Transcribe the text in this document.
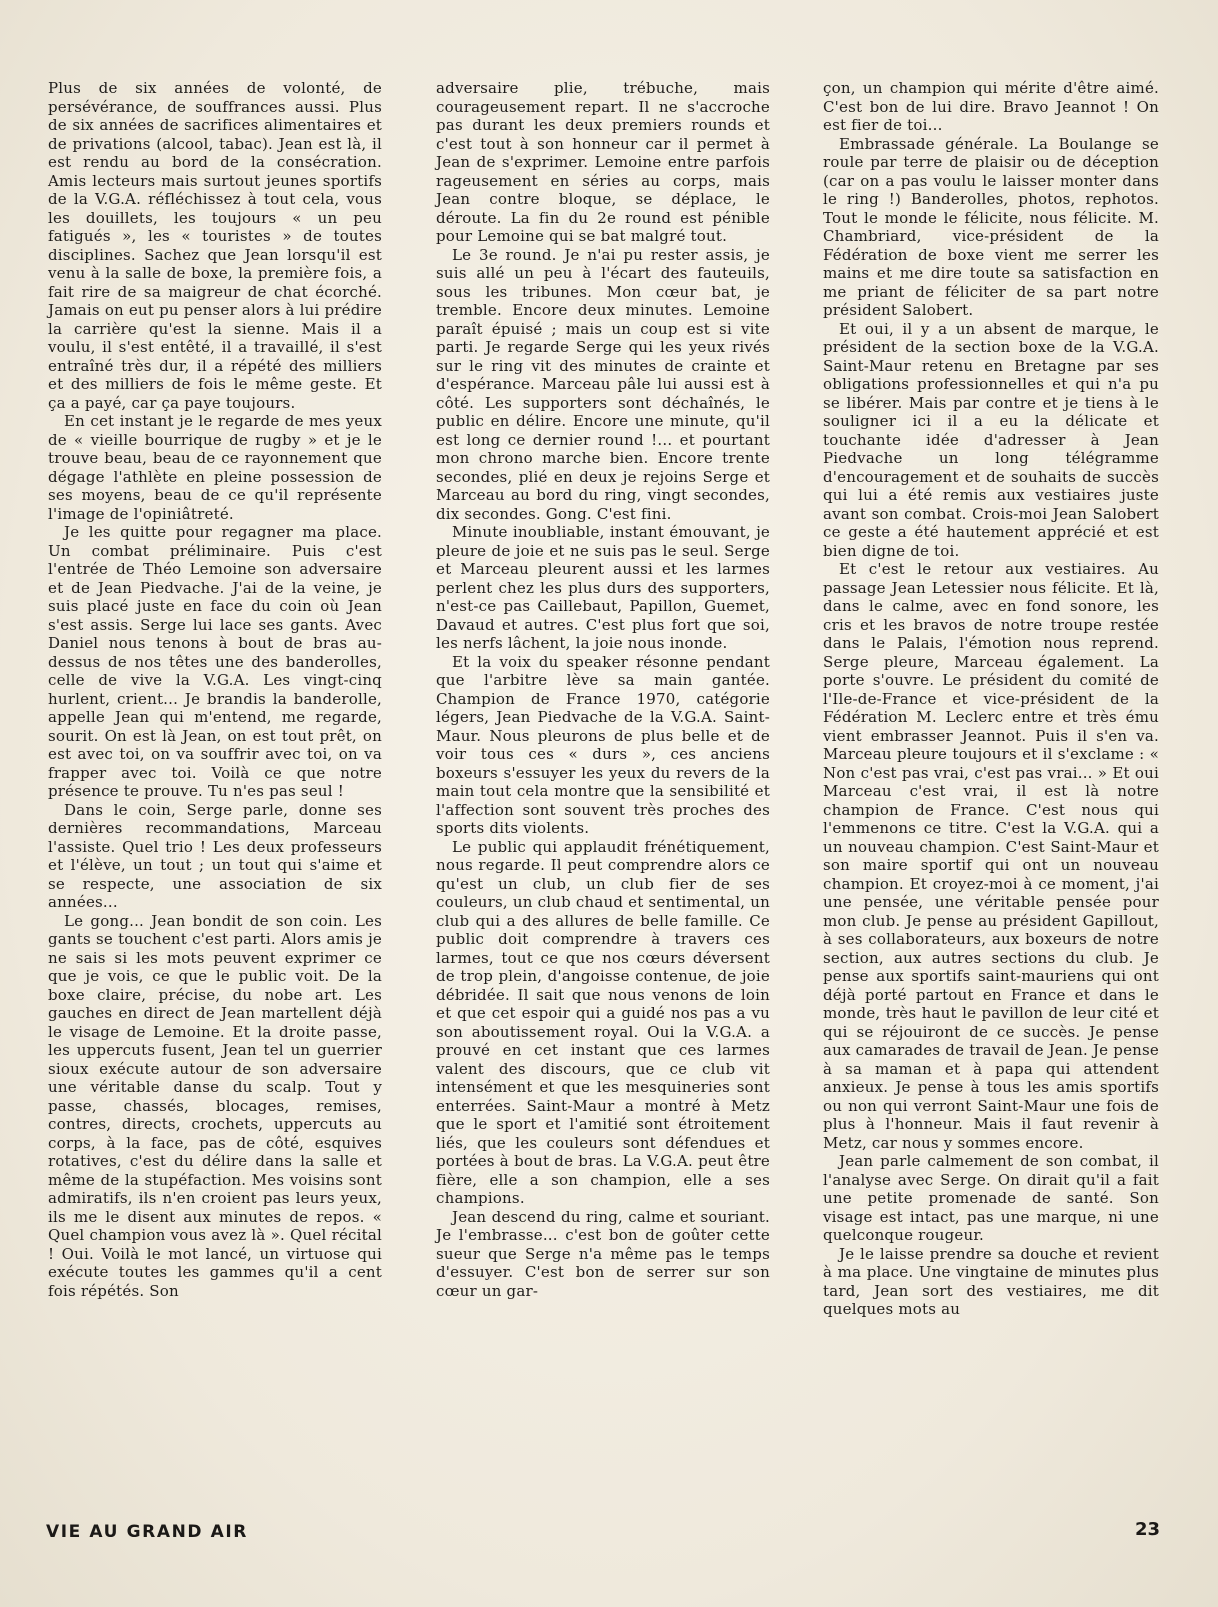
Plus de six années de volonté, de persévérance, de souffrances aussi. Plus de six années de sacrifices alimentaires et de privations (alcool, tabac). Jean est là, il est rendu au bord de la consécration. Amis lecteurs mais surtout jeunes sportifs de la V.G.A. réfléchissez à tout cela, vous les douillets, les toujours « un peu fatigués », les « touristes » de toutes disciplines. Sachez que Jean lorsqu'il est venu à la salle de boxe, la première fois, a fait rire de sa maigreur de chat écorché. Jamais on eut pu penser alors à lui prédire la carrière qu'est la sienne. Mais il a voulu, il s'est entêté, il a travaillé, il s'est entraîné très dur, il a répété des milliers et des milliers de fois le même geste. Et ça a payé, car ça paye toujours.

En cet instant je le regarde de mes yeux de « vieille bourrique de rugby » et je le trouve beau, beau de ce rayonnement que dégage l'athlète en pleine possession de ses moyens, beau de ce qu'il représente l'image de l'opiniâtreté.

Je les quitte pour regagner ma place. Un combat préliminaire. Puis c'est l'entrée de Théo Lemoine son adversaire et de Jean Piedvache. J'ai de la veine, je suis placé juste en face du coin où Jean s'est assis. Serge lui lace ses gants. Avec Daniel nous tenons à bout de bras au-dessus de nos têtes une des banderolles, celle de vive la V.G.A. Les vingt-cinq hurlent, crient... Je brandis la banderolle, appelle Jean qui m'entend, me regarde, sourit. On est là Jean, on est tout prêt, on est avec toi, on va souffrir avec toi, on va frapper avec toi. Voilà ce que notre présence te prouve. Tu n'es pas seul !

Dans le coin, Serge parle, donne ses dernières recommandations, Marceau l'assiste. Quel trio ! Les deux professeurs et l'élève, un tout ; un tout qui s'aime et se respecte, une association de six années...

Le gong... Jean bondit de son coin. Les gants se touchent c'est parti. Alors amis je ne sais si les mots peuvent exprimer ce que je vois, ce que le public voit. De la boxe claire, précise, du nobe art. Les gauches en direct de Jean martellent déjà le visage de Lemoine. Et la droite passe, les uppercuts fusent, Jean tel un guerrier sioux exécute autour de son adversaire une véritable danse du scalp. Tout y passe, chassés, blocages, remises, contres, directs, crochets, uppercuts au corps, à la face, pas de côté, esquives rotatives, c'est du délire dans la salle et même de la stupéfaction. Mes voisins sont admiratifs, ils n'en croient pas leurs yeux, ils me le disent aux minutes de repos. « Quel champion vous avez là ». Quel récital ! Oui. Voilà le mot lancé, un virtuose qui exécute toutes les gammes qu'il a cent fois répétés. Son

adversaire plie, trébuche, mais courageusement repart. Il ne s'accroche pas durant les deux premiers rounds et c'est tout à son honneur car il permet à Jean de s'exprimer. Lemoine entre parfois rageusement en séries au corps, mais Jean contre bloque, se déplace, le déroute. La fin du 2e round est pénible pour Lemoine qui se bat malgré tout.

Le 3e round. Je n'ai pu rester assis, je suis allé un peu à l'écart des fauteuils, sous les tribunes. Mon cœur bat, je tremble. Encore deux minutes. Lemoine paraît épuisé ; mais un coup est si vite parti. Je regarde Serge qui les yeux rivés sur le ring vit des minutes de crainte et d'espérance. Marceau pâle lui aussi est à côté. Les supporters sont déchaînés, le public en délire. Encore une minute, qu'il est long ce dernier round !... et pourtant mon chrono marche bien. Encore trente secondes, plié en deux je rejoins Serge et Marceau au bord du ring, vingt secondes, dix secondes. Gong. C'est fini.

Minute inoubliable, instant émouvant, je pleure de joie et ne suis pas le seul. Serge et Marceau pleurent aussi et les larmes perlent chez les plus durs des supporters, n'est-ce pas Caillebaut, Papillon, Guemet, Davaud et autres. C'est plus fort que soi, les nerfs lâchent, la joie nous inonde.

Et la voix du speaker résonne pendant que l'arbitre lève sa main gantée. Champion de France 1970, catégorie légers, Jean Piedvache de la V.G.A. Saint-Maur. Nous pleurons de plus belle et de voir tous ces « durs », ces anciens boxeurs s'essuyer les yeux du revers de la main tout cela montre que la sensibilité et l'affection sont souvent très proches des sports dits violents.

Le public qui applaudit frénétiquement, nous regarde. Il peut comprendre alors ce qu'est un club, un club fier de ses couleurs, un club chaud et sentimental, un club qui a des allures de belle famille. Ce public doit comprendre à travers ces larmes, tout ce que nos cœurs déversent de trop plein, d'angoisse contenue, de joie débridée. Il sait que nous venons de loin et que cet espoir qui a guidé nos pas a vu son aboutissement royal. Oui la V.G.A. a prouvé en cet instant que ces larmes valent des discours, que ce club vit intensément et que les mesquineries sont enterrées. Saint-Maur a montré à Metz que le sport et l'amitié sont étroitement liés, que les couleurs sont défendues et portées à bout de bras. La V.G.A. peut être fière, elle a son champion, elle a ses champions.

Jean descend du ring, calme et souriant. Je l'embrasse... c'est bon de goûter cette sueur que Serge n'a même pas le temps d'essuyer. C'est bon de serrer sur son cœur un gar-

çon, un champion qui mérite d'être aimé. C'est bon de lui dire. Bravo Jeannot ! On est fier de toi...

Embrassade générale. La Boulange se roule par terre de plaisir ou de déception (car on a pas voulu le laisser monter dans le ring !) Banderolles, photos, rephotos. Tout le monde le félicite, nous félicite. M. Chambriard, vice-président de la Fédération de boxe vient me serrer les mains et me dire toute sa satisfaction en me priant de féliciter de sa part notre président Salobert.

Et oui, il y a un absent de marque, le président de la section boxe de la V.G.A. Saint-Maur retenu en Bretagne par ses obligations professionnelles et qui n'a pu se libérer. Mais par contre et je tiens à le souligner ici il a eu la délicate et touchante idée d'adresser à Jean Piedvache un long télégramme d'encouragement et de souhaits de succès qui lui a été remis aux vestiaires juste avant son combat. Crois-moi Jean Salobert ce geste a été hautement apprécié et est bien digne de toi.

Et c'est le retour aux vestiaires. Au passage Jean Letessier nous félicite. Et là, dans le calme, avec en fond sonore, les cris et les bravos de notre troupe restée dans le Palais, l'émotion nous reprend. Serge pleure, Marceau également. La porte s'ouvre. Le président du comité de l'Ile-de-France et vice-président de la Fédération M. Leclerc entre et très ému vient embrasser Jeannot. Puis il s'en va. Marceau pleure toujours et il s'exclame : « Non c'est pas vrai, c'est pas vrai... » Et oui Marceau c'est vrai, il est là notre champion de France. C'est nous qui l'emmenons ce titre. C'est la V.G.A. qui a un nouveau champion. C'est Saint-Maur et son maire sportif qui ont un nouveau champion. Et croyez-moi à ce moment, j'ai une pensée, une véritable pensée pour mon club. Je pense au président Gapillout, à ses collaborateurs, aux boxeurs de notre section, aux autres sections du club. Je pense aux sportifs saint-mauriens qui ont déjà porté partout en France et dans le monde, très haut le pavillon de leur cité et qui se réjouiront de ce succès. Je pense aux camarades de travail de Jean. Je pense à sa maman et à papa qui attendent anxieux. Je pense à tous les amis sportifs ou non qui verront Saint-Maur une fois de plus à l'honneur. Mais il faut revenir à Metz, car nous y sommes encore.

Jean parle calmement de son combat, il l'analyse avec Serge. On dirait qu'il a fait une petite promenade de santé. Son visage est intact, pas une marque, ni une quelconque rougeur.

Je le laisse prendre sa douche et revient à ma place. Une vingtaine de minutes plus tard, Jean sort des vestiaires, me dit quelques mots au

VIE AU GRAND AIR	23
